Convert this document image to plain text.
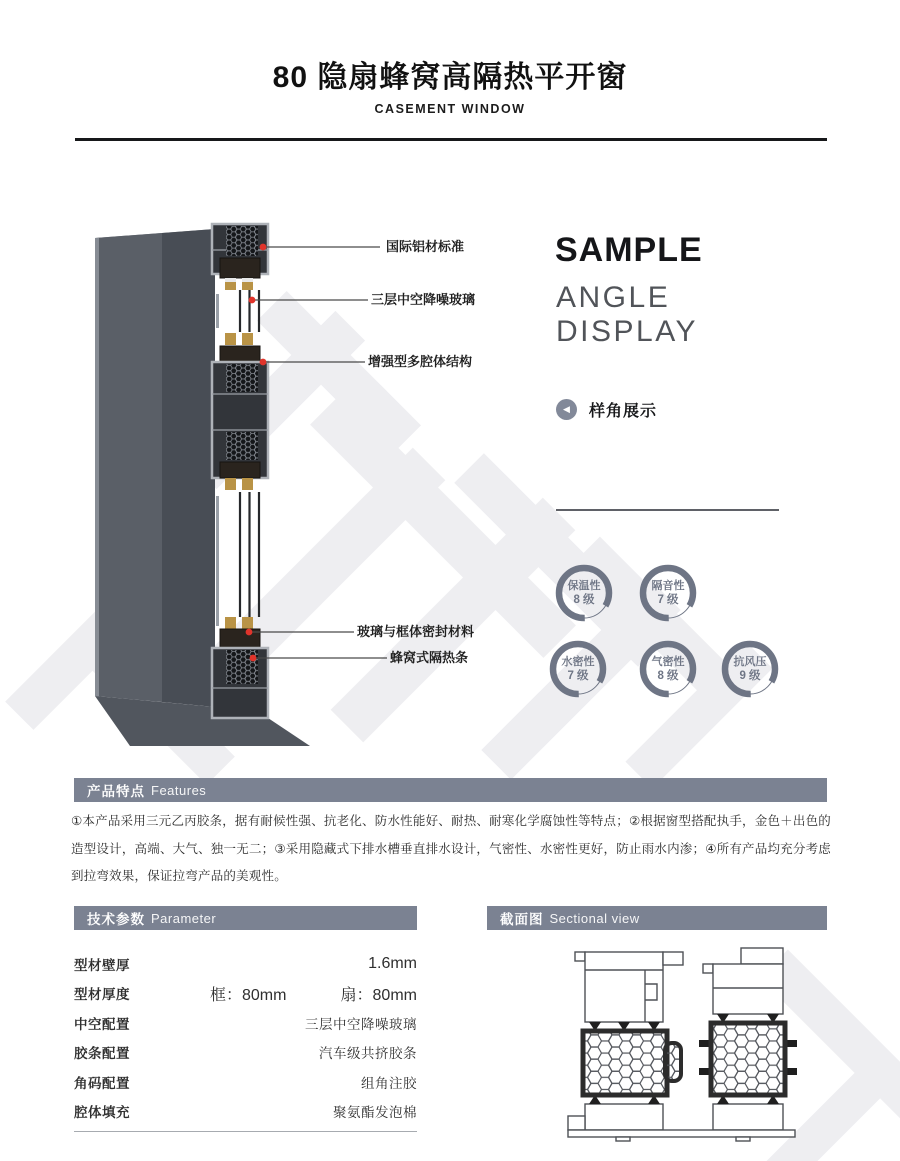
80 隐扇蜂窝高隔热平开窗
CASEMENT WINDOW
国际铝材标准
三层中空降噪玻璃
增强型多腔体结构
玻璃与框体密封材料
蜂窝式隔热条
SAMPLE
ANGLE
DISPLAY
◀	样角展示
保温性
8 级
隔音性
7 级
水密性
7 级
气密性
8 级
抗风压
9 级
产品特点 Features
①本产品采用三元乙丙胶条，据有耐候性强、抗老化、防水性能好、耐热、耐寒化学腐蚀性等特点；②根据窗型搭配执手，金色＋出色的造型设计，高端、大气、独一无二；③采用隐藏式下排水槽垂直排水设计，气密性、水密性更好，防止雨水内渗；④所有产品均充分考虑到拉弯效果，保证拉弯产品的美观性。
技术参数 Parameter
型材壁厚	1.6mm
型材厚度	框：80mm	扇：80mm
中空配置	三层中空降噪玻璃
胶条配置	汽车级共挤胶条
角码配置	组角注胶
腔体填充	聚氨酯发泡棉
截面图 Sectional view
